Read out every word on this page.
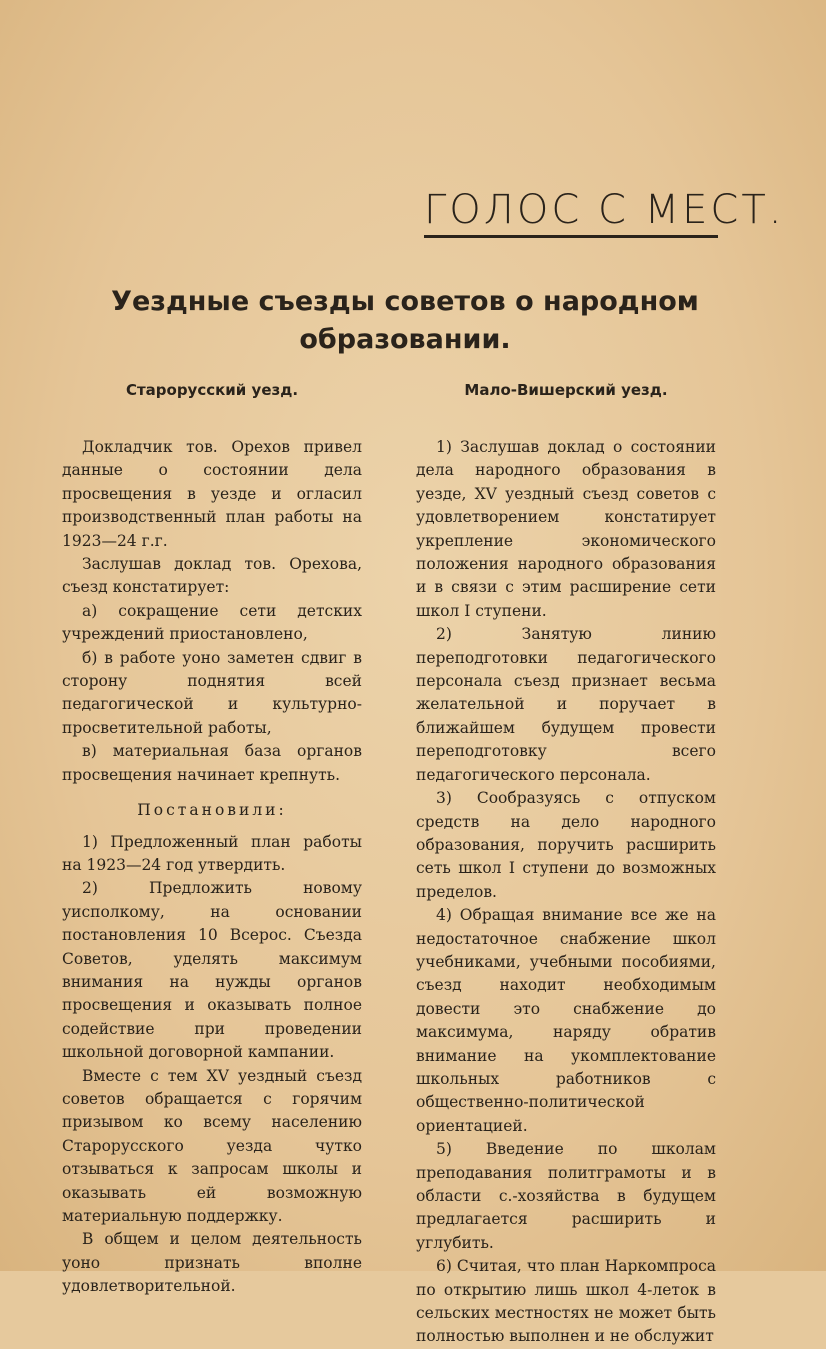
ГОЛОС С МЕСТ.
Уездные съезды советов о народном образовании.
Старорусский уезд.

Докладчик тов. Орехов привел данные о состоянии дела просвещения в уезде и огласил производственный план работы на 1923—24 г.г.

Заслушав доклад тов. Орехова, съезд констатирует:

а) сокращение сети детских учреждений приостановлено,

б) в работе уоно заметен сдвиг в сторону поднятия всей педагогической и культурно-просветительной работы,

в) материальная база органов просвещения начинает крепнуть.

Постановили:

1) Предложенный план работы на 1923—24 год утвердить.

2) Предложить новому уисполкому, на основании постановления 10 Всерос. Съезда Советов, уделять максимум внимания на нужды органов просвещения и оказывать полное содействие при проведении школьной договорной кампании.

Вместе с тем XV уездный съезд советов обращается с горячим призывом ко всему населению Старорусского уезда чутко отзываться к запросам школы и оказывать ей возможную материальную поддержку.

В общем и целом деятельность уоно признать вполне удовлетворительной.

Мало-Вишерский уезд.

1) Заслушав доклад о состоянии дела народного образования в уезде, XV уездный съезд советов с удовлетворением констатирует укрепление экономического положения народного образования и в связи с этим расширение сети школ I ступени.

2) Занятую линию переподготовки педагогического персонала съезд признает весьма желательной и поручает в ближайшем будущем провести переподготовку всего педагогического персонала.

3) Сообразуясь с отпуском средств на дело народного образования, поручить расширить сеть школ I ступени до возможных пределов.

4) Обращая внимание все же на недостаточное снабжение школ учебниками, учебными пособиями, съезд находит необходимым довести это снабжение до максимума, наряду обратив внимание на укомплектование школьных работников с общественно-политической ориентацией.

5) Введение по школам преподавания политграмоты и в области с.-хозяйства в будущем предлагается расширить и углубить.

6) Считая, что план Наркомпроса по открытию лишь школ 4-леток в сельских местностях не может быть полностью выполнен и не обслужит
